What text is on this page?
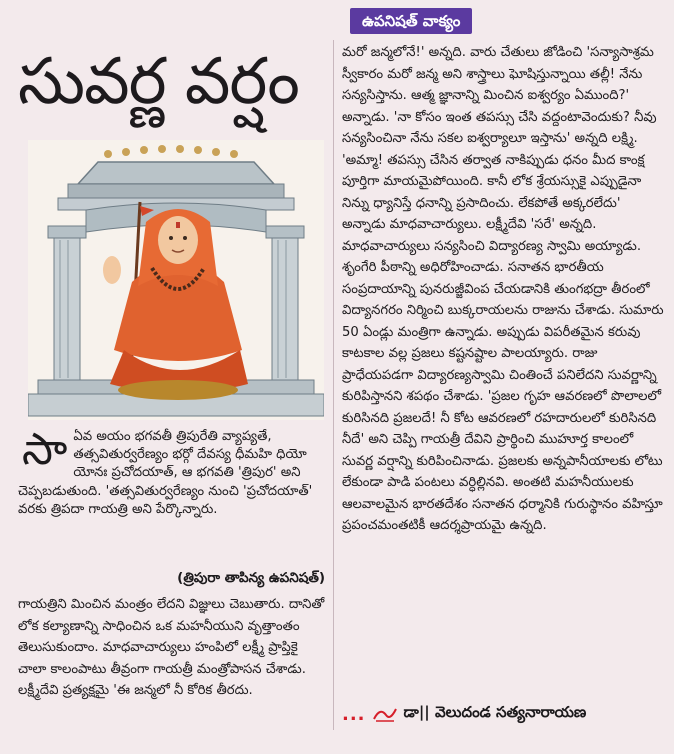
ఉపనిషత్ వాక్యం
సువర్ణ వర్షం
సా ఏవ అయం భగవతీ త్రిపురేతి వ్యాప్యతే, తత్సవితుర్వరేణ్యం భర్గో దేవస్య ధీమహి ధియో యోనః ప్రచోదయాత్, ఆ భగవతి 'త్రిపుర' అని చెప్పబడుతుంది. 'తత్సవితుర్వరేణ్యం నుంచి 'ప్రచోదయాత్' వరకు త్రిపదా గాయత్రి అని పేర్కొన్నారు.

(త్రిపురా తాపిన్య ఉపనిషత్)

గాయత్రిని మించిన మంత్రం లేదని విజ్ఞులు చెబుతారు. దానితో లోక కల్యాణాన్ని సాధించిన ఒక మహనీయుని వృత్తాంతం తెలుసుకుందాం. మాధవాచార్యులు హంపిలో లక్ష్మీ ప్రాప్తికై చాలా కాలంపాటు తీవ్రంగా గాయత్రీ మంత్రోపాసన చేశాడు. లక్ష్మీదేవి ప్రత్యక్షమై 'ఈ జన్మలో నీ కోరిక తీరదు.

మరో జన్మలోనే!' అన్నది. వారు చేతులు జోడించి 'సన్యాసాశ్రమ స్వీకారం మరో జన్మ అని శాస్త్రాలు ఘోషిస్తున్నాయి తల్లీ! నేను సన్యసిస్తాను. ఆత్మ జ్ఞానాన్ని మించిన ఐశ్వర్యం ఏముంది?' అన్నాడు. 'నా కోసం ఇంత తపస్సు చేసి వద్దంటావెందుకు? నీవు సన్యసించినా నేను సకల ఐశ్వర్యాలూ ఇస్తాను' అన్నది లక్ష్మి. 'అమ్మా! తపస్సు చేసిన తర్వాత నాకిప్పుడు ధనం మీద కాంక్ష పూర్తిగా మాయమైపోయింది. కానీ లోక శ్రేయస్సుకై ఎప్పుడైనా నిన్ను ధ్యానిస్తే ధనాన్ని ప్రసాదించు. లేకపోతే అక్కరలేదు' అన్నాడు మాధవాచార్యులు. లక్ష్మీదేవి 'సరే' అన్నది. మాధవాచార్యులు సన్యసించి విద్యారణ్య స్వామి అయ్యాడు. శృంగేరి పీఠాన్ని అధిరోహించాడు. సనాతన భారతీయ సంప్రదాయాన్ని పునరుజ్జీవింప చేయడానికి తుంగభద్రా తీరంలో విద్యానగరం నిర్మించి బుక్కరాయలను రాజును చేశాడు. సుమారు 50 ఏండ్లు మంత్రిగా ఉన్నాడు. అప్పుడు విపరీతమైన కరువు కాటకాల వల్ల ప్రజలు కష్టనష్టాల పాలయ్యారు. రాజు ప్రాధేయపడగా విద్యారణ్యస్వామి చింతించే పనిలేదని సువర్ణాన్ని కురిపిస్తానని శపథం చేశాడు. 'ప్రజల గృహ ఆవరణలో పొలాలలో కురిసినది ప్రజలదే! నీ కోట ఆవరణలో రహదారులలో కురిసినది నీదే' అని చెప్పి గాయత్రీ దేవిని ప్రార్థించి ముహూర్త కాలంలో సువర్ణ వర్షాన్ని కురిపించినాడు. ప్రజలకు అన్నపానీయాలకు లోటు లేకుండా పాడి పంటలు వర్ధిల్లినవి. అంతటి మహనీయులకు ఆలవాలమైన భారతదేశం సనాతన ధర్మానికి గురుస్థానం వహిస్తూ ప్రపంచమంతటికీ ఆదర్శప్రాయమై ఉన్నది.

...	డా|| వెలుదండ సత్యనారాయణ
